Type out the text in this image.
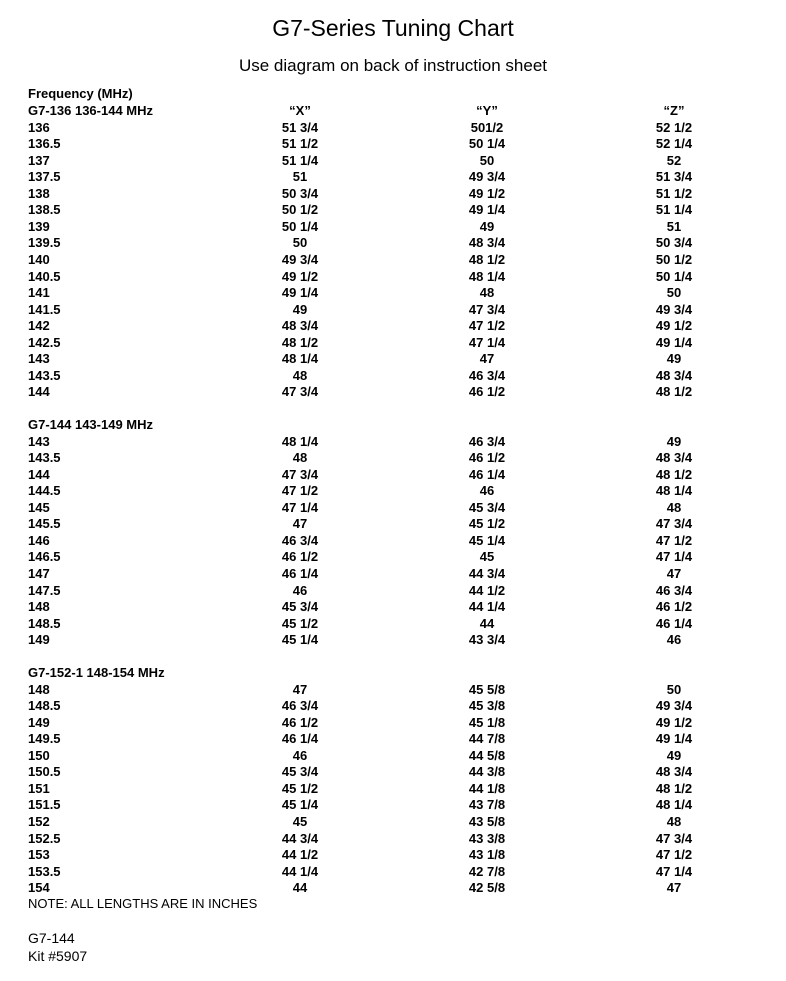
G7-Series Tuning Chart
Use diagram on back of instruction sheet
Frequency (MHz)
G7-136 136-144 MHz	“X”	“Y”	“Z”
136	51 3/4	501/2	52 1/2
136.5	51 1/2	50 1/4	52 1/4
137	51 1/4	50	52
137.5	51	49 3/4	51 3/4
138	50 3/4	49 1/2	51 1/2
138.5	50 1/2	49 1/4	51 1/4
139	50 1/4	49	51
139.5	50	48 3/4	50 3/4
140	49 3/4	48 1/2	50 1/2
140.5	49 1/2	48 1/4	50 1/4
141	49 1/4	48	50
141.5	49	47 3/4	49 3/4
142	48 3/4	47 1/2	49 1/2
142.5	48 1/2	47 1/4	49 1/4
143	48 1/4	47	49
143.5	48	46 3/4	48 3/4
144	47 3/4	46 1/2	48 1/2
G7-144 143-149 MHz
143	48 1/4	46 3/4	49
143.5	48	46 1/2	48 3/4
144	47 3/4	46 1/4	48 1/2
144.5	47 1/2	46	48 1/4
145	47 1/4	45 3/4	48
145.5	47	45 1/2	47 3/4
146	46 3/4	45 1/4	47 1/2
146.5	46 1/2	45	47 1/4
147	46 1/4	44 3/4	47
147.5	46	44 1/2	46 3/4
148	45 3/4	44 1/4	46 1/2
148.5	45 1/2	44	46 1/4
149	45 1/4	43 3/4	46
G7-152-1 148-154 MHz
148	47	45 5/8	50
148.5	46 3/4	45 3/8	49 3/4
149	46 1/2	45 1/8	49 1/2
149.5	46 1/4	44 7/8	49 1/4
150	46	44 5/8	49
150.5	45 3/4	44 3/8	48 3/4
151	45 1/2	44 1/8	48 1/2
151.5	45 1/4	43 7/8	48 1/4
152	45	43 5/8	48
152.5	44 3/4	43 3/8	47 3/4
153	44 1/2	43 1/8	47 1/2
153.5	44 1/4	42 7/8	47 1/4
154	44	42 5/8	47
NOTE: ALL LENGTHS ARE IN INCHES
G7-144
Kit #5907
